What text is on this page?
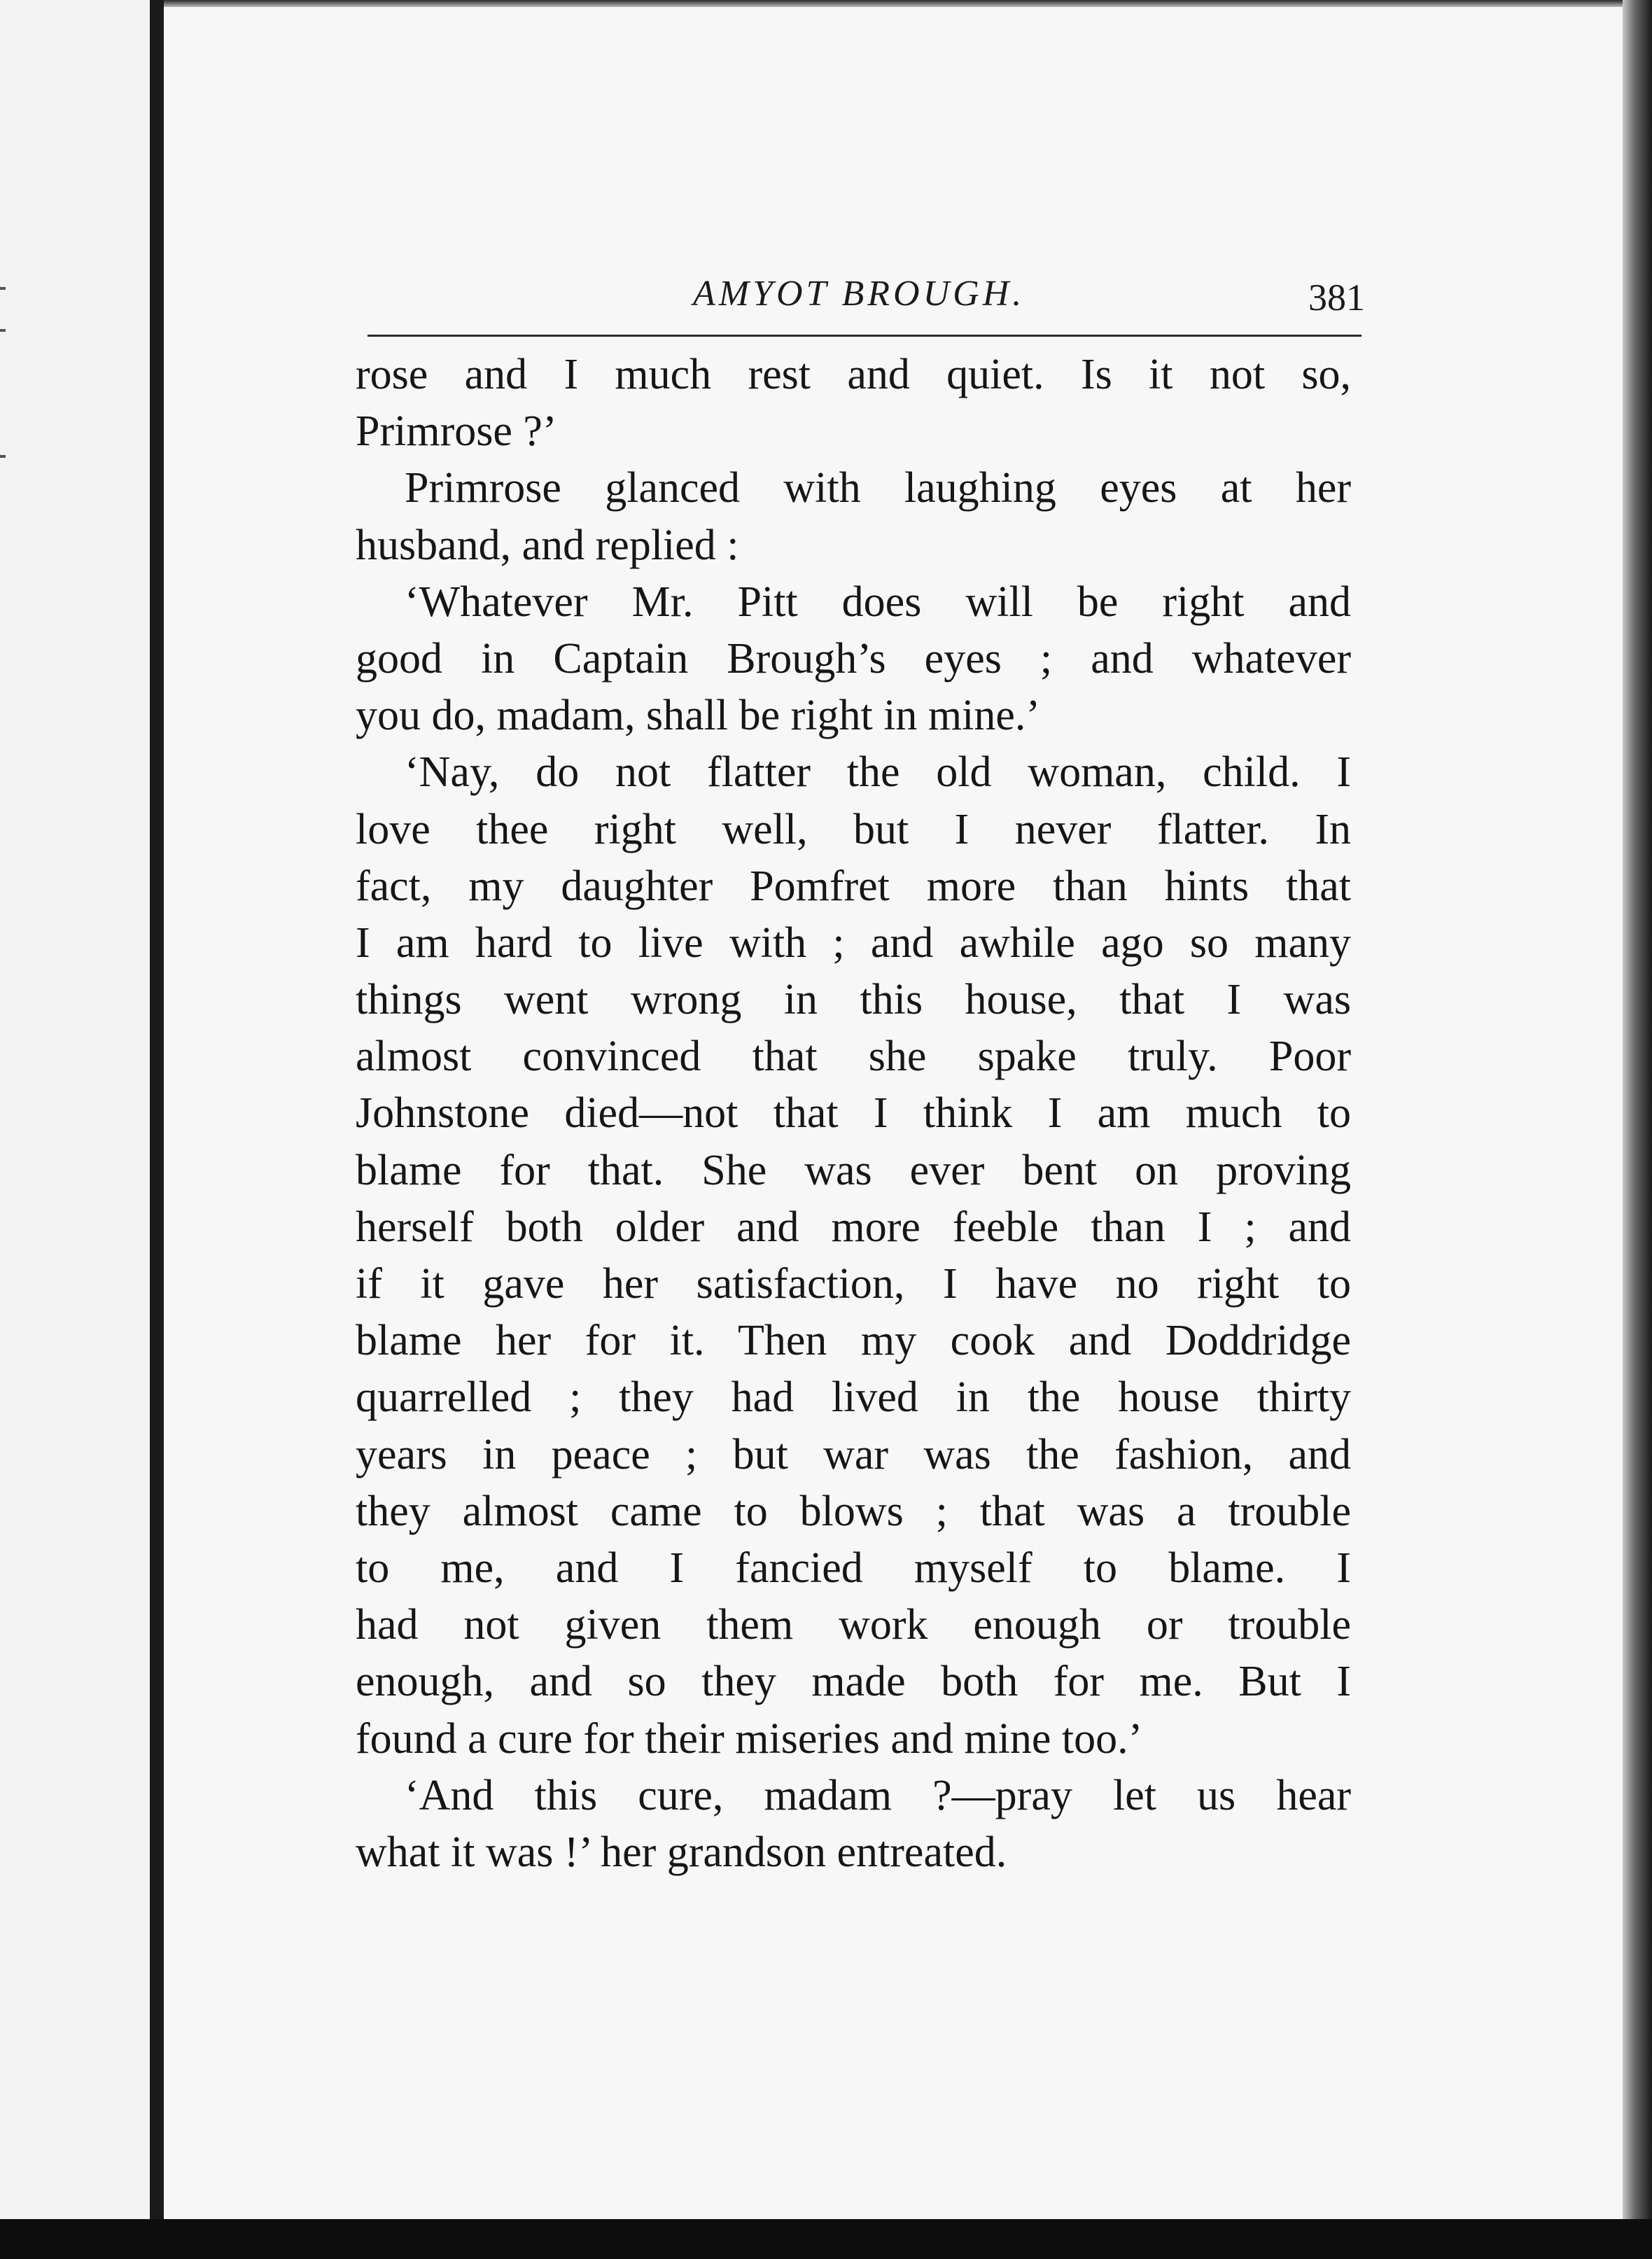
AMYOT BROUGH.	381
rose and I much rest and quiet. Is it not so,
Primrose ?’
Primrose glanced with laughing eyes at her
husband, and replied :
‘Whatever Mr. Pitt does will be right and
good in Captain Brough’s eyes ; and whatever
you do, madam, shall be right in mine.’
‘Nay, do not flatter the old woman, child. I
love thee right well, but I never flatter. In
fact, my daughter Pomfret more than hints that
I am hard to live with ; and awhile ago so many
things went wrong in this house, that I was
almost convinced that she spake truly. Poor
Johnstone died—not that I think I am much to
blame for that. She was ever bent on proving
herself both older and more feeble than I ; and
if it gave her satisfaction, I have no right to
blame her for it. Then my cook and Doddridge
quarrelled ; they had lived in the house thirty
years in peace ; but war was the fashion, and
they almost came to blows ; that was a trouble
to me, and I fancied myself to blame. I
had not given them work enough or trouble
enough, and so they made both for me. But I
found a cure for their miseries and mine too.’
‘And this cure, madam ?—pray let us hear
what it was !’ her grandson entreated.
